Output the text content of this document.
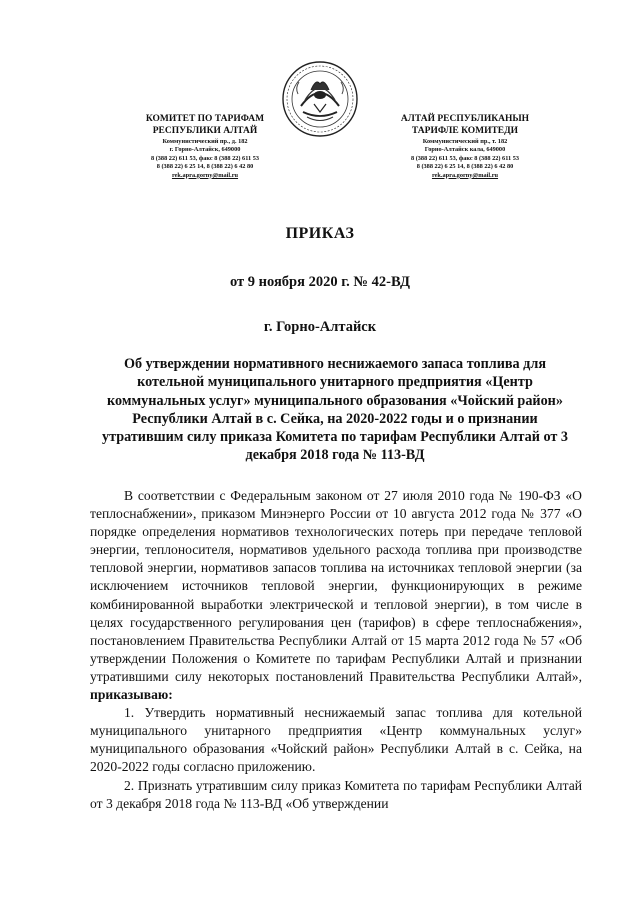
КОМИТЕТ ПО ТАРИФАМ
РЕСПУБЛИКИ АЛТАЙ
Коммунистический пр., д. 182
г. Горно-Алтайск, 649000
8 (388 22) 611 53, факс 8 (388 22) 611 53
8 (388 22) 6 25 14, 8 (388 22) 6 42 80
rek.apra.gorny@mail.ru
АЛТАЙ РЕСПУБЛИКАНЫН
ТАРИФЛЕ КОМИТЕДИ
Коммунистический пр., т. 182
Горно-Алтайск кала, 649000
8 (388 22) 611 53, факс 8 (388 22) 611 53
8 (388 22) 6 25 14, 8 (388 22) 6 42 80
rek.apra.gorny@mail.ru
ПРИКАЗ
от 9 ноября 2020 г. № 42-ВД
г. Горно-Алтайск
Об утверждении нормативного неснижаемого запаса топлива для котельной муниципального унитарного предприятия «Центр коммунальных услуг» муниципального образования «Чойский район» Республики Алтай в с. Сейка, на 2020-2022 годы и о признании утратившим силу приказа Комитета по тарифам Республики Алтай от 3 декабря 2018 года № 113-ВД

В соответствии с Федеральным законом от 27 июля 2010 года № 190-ФЗ «О теплоснабжении», приказом Минэнерго России от 10 августа 2012 года № 377 «О порядке определения нормативов технологических потерь при передаче тепловой энергии, теплоносителя, нормативов удельного расхода топлива при производстве тепловой энергии, нормативов запасов топлива на источниках тепловой энергии (за исключением источников тепловой энергии, функционирующих в режиме комбинированной выработки электрической и тепловой энергии), в том числе в целях государственного регулирования цен (тарифов) в сфере теплоснабжения», постановлением Правительства Республики Алтай от 15 марта 2012 года № 57 «Об утверждении Положения о Комитете по тарифам Республики Алтай и признании утратившими силу некоторых постановлений Правительства Республики Алтай», приказываю:

1. Утвердить нормативный неснижаемый запас топлива для котельной муниципального унитарного предприятия «Центр коммунальных услуг» муниципального образования «Чойский район» Республики Алтай в с. Сейка, на 2020-2022 годы согласно приложению.

2. Признать утратившим силу приказ Комитета по тарифам Республики Алтай от 3 декабря 2018 года № 113-ВД «Об утверждении
